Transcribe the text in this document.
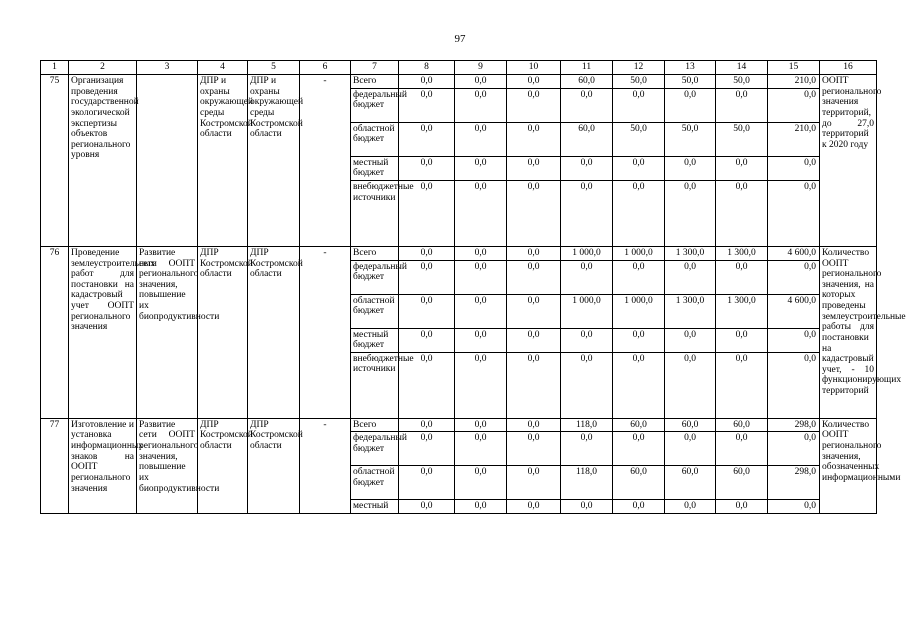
97
1	2	3	4	5	6	7	8	9	10	11	12	13	14	15	16
75	Организация проведения государственной экологической экспертизы объектов регионального уровня		ДПР и охраны окружающей среды Костромской области	ДПР и охраны окружающей среды Костромской области	-	Всего	0,0	0,0	0,0	60,0	50,0	50,0	50,0	210,0	ООПТ регионального значения территорий, до 27,0 территорий к 2020 году
						федеральный бюджет	0,0	0,0	0,0	0,0	0,0	0,0	0,0	0,0	
						областной бюджет	0,0	0,0	0,0	60,0	50,0	50,0	50,0	210,0	
						местный бюджет	0,0	0,0	0,0	0,0	0,0	0,0	0,0	0,0	
						внебюджетные источники	0,0	0,0	0,0	0,0	0,0	0,0	0,0	0,0	
76	Проведение землеустроительных работ для постановки на кадастровый учет ООПТ регионального значения	Развитие сети ООПТ регионального значения, повышение их биопродуктивности	ДПР Костромской области	ДПР Костромской области	-	Всего	0,0	0,0	0,0	1 000,0	1 000,0	1 300,0	1 300,0	4 600,0	Количество ООПТ регионального значения, на которых проведены землеустроительные работы для постановки на кадастровый учет, - 10 функционирующих территорий
						федеральный бюджет	0,0	0,0	0,0	0,0	0,0	0,0	0,0	0,0	
						областной бюджет	0,0	0,0	0,0	1 000,0	1 000,0	1 300,0	1 300,0	4 600,0	
						местный бюджет	0,0	0,0	0,0	0,0	0,0	0,0	0,0	0,0	
						внебюджетные источники	0,0	0,0	0,0	0,0	0,0	0,0	0,0	0,0	
77	Изготовление и установка информационных знаков на ООПТ регионального значения	Развитие сети ООПТ регионального значения, повышение их биопродуктивности	ДПР Костромской области	ДПР Костромской области	-	Всего	0,0	0,0	0,0	118,0	60,0	60,0	60,0	298,0	Количество ООПТ регионального значения, обозначенных информационными
						федеральный бюджет	0,0	0,0	0,0	0,0	0,0	0,0	0,0	0,0	
						областной бюджет	0,0	0,0	0,0	118,0	60,0	60,0	60,0	298,0	
						местный	0,0	0,0	0,0	0,0	0,0	0,0	0,0	0,0	
